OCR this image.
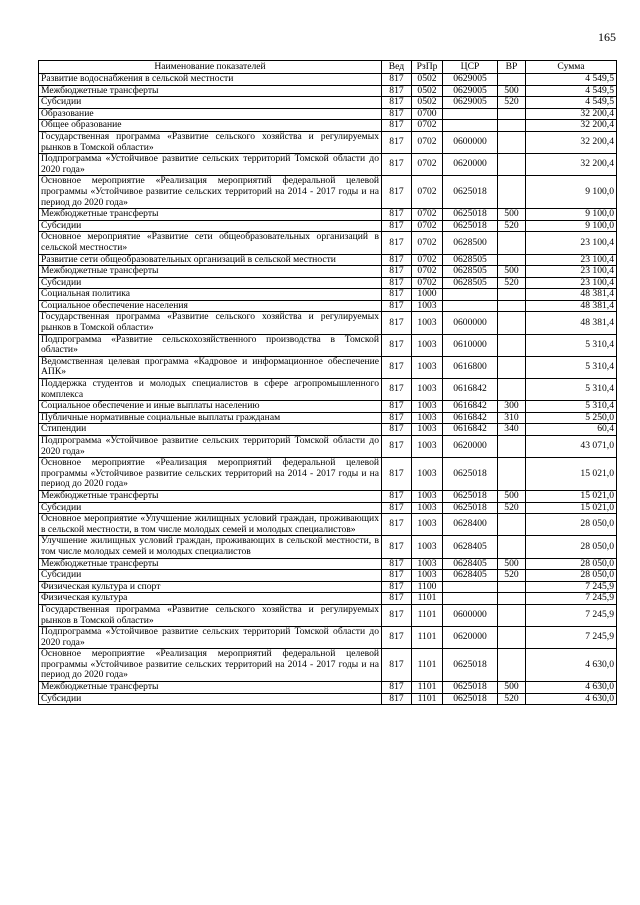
165
Наименование показателей	Вед	РзПр	ЦСР	ВР	Сумма
Развитие водоснабжения в сельской местности	817	0502	0629005		4 549,5
Межбюджетные трансферты	817	0502	0629005	500	4 549,5
Субсидии	817	0502	0629005	520	4 549,5
Образование	817	0700			32 200,4
Общее образование	817	0702			32 200,4
Государственная программа «Развитие сельского хозяйства и регулируемых рынков в Томской области»	817	0702	0600000		32 200,4
Подпрограмма «Устойчивое развитие сельских территорий Томской области до 2020 года»	817	0702	0620000		32 200,4
Основное мероприятие «Реализация мероприятий федеральной целевой программы «Устойчивое развитие сельских территорий на 2014 - 2017 годы и на период до 2020 года»	817	0702	0625018		9 100,0
Межбюджетные трансферты	817	0702	0625018	500	9 100,0
Субсидии	817	0702	0625018	520	9 100,0
Основное мероприятие «Развитие сети общеобразовательных организаций в сельской местности»	817	0702	0628500		23 100,4
Развитие сети общеобразовательных организаций в сельской местности	817	0702	0628505		23 100,4
Межбюджетные трансферты	817	0702	0628505	500	23 100,4
Субсидии	817	0702	0628505	520	23 100,4
Социальная политика	817	1000			48 381,4
Социальное обеспечение населения	817	1003			48 381,4
Государственная программа «Развитие сельского хозяйства и регулируемых рынков в Томской области»	817	1003	0600000		48 381,4
Подпрограмма «Развитие сельскохозяйственного производства в Томской области»	817	1003	0610000		5 310,4
Ведомственная целевая программа «Кадровое и информационное обеспечение АПК»	817	1003	0616800		5 310,4
Поддержка студентов и молодых специалистов в сфере агропромышленного комплекса	817	1003	0616842		5 310,4
Социальное обеспечение и иные выплаты населению	817	1003	0616842	300	5 310,4
Публичные нормативные социальные выплаты гражданам	817	1003	0616842	310	5 250,0
Стипендии	817	1003	0616842	340	60,4
Подпрограмма «Устойчивое развитие сельских территорий Томской области до 2020 года»	817	1003	0620000		43 071,0
Основное мероприятие «Реализация мероприятий федеральной целевой программы «Устойчивое развитие сельских территорий на 2014 - 2017 годы и на период до 2020 года»	817	1003	0625018		15 021,0
Межбюджетные трансферты	817	1003	0625018	500	15 021,0
Субсидии	817	1003	0625018	520	15 021,0
Основное мероприятие «Улучшение жилищных условий граждан, проживающих в сельской местности, в том числе молодых семей и молодых специалистов»	817	1003	0628400		28 050,0
Улучшение жилищных условий граждан, проживающих в сельской местности, в том числе молодых семей и молодых специалистов	817	1003	0628405		28 050,0
Межбюджетные трансферты	817	1003	0628405	500	28 050,0
Субсидии	817	1003	0628405	520	28 050,0
Физическая культура и спорт	817	1100			7 245,9
Физическая культура	817	1101			7 245,9
Государственная программа «Развитие сельского хозяйства и регулируемых рынков в Томской области»	817	1101	0600000		7 245,9
Подпрограмма «Устойчивое развитие сельских территорий Томской области до 2020 года»	817	1101	0620000		7 245,9
Основное мероприятие «Реализация мероприятий федеральной целевой программы «Устойчивое развитие сельских территорий на 2014 - 2017 годы и на период до 2020 года»	817	1101	0625018		4 630,0
Межбюджетные трансферты	817	1101	0625018	500	4 630,0
Субсидии	817	1101	0625018	520	4 630,0
